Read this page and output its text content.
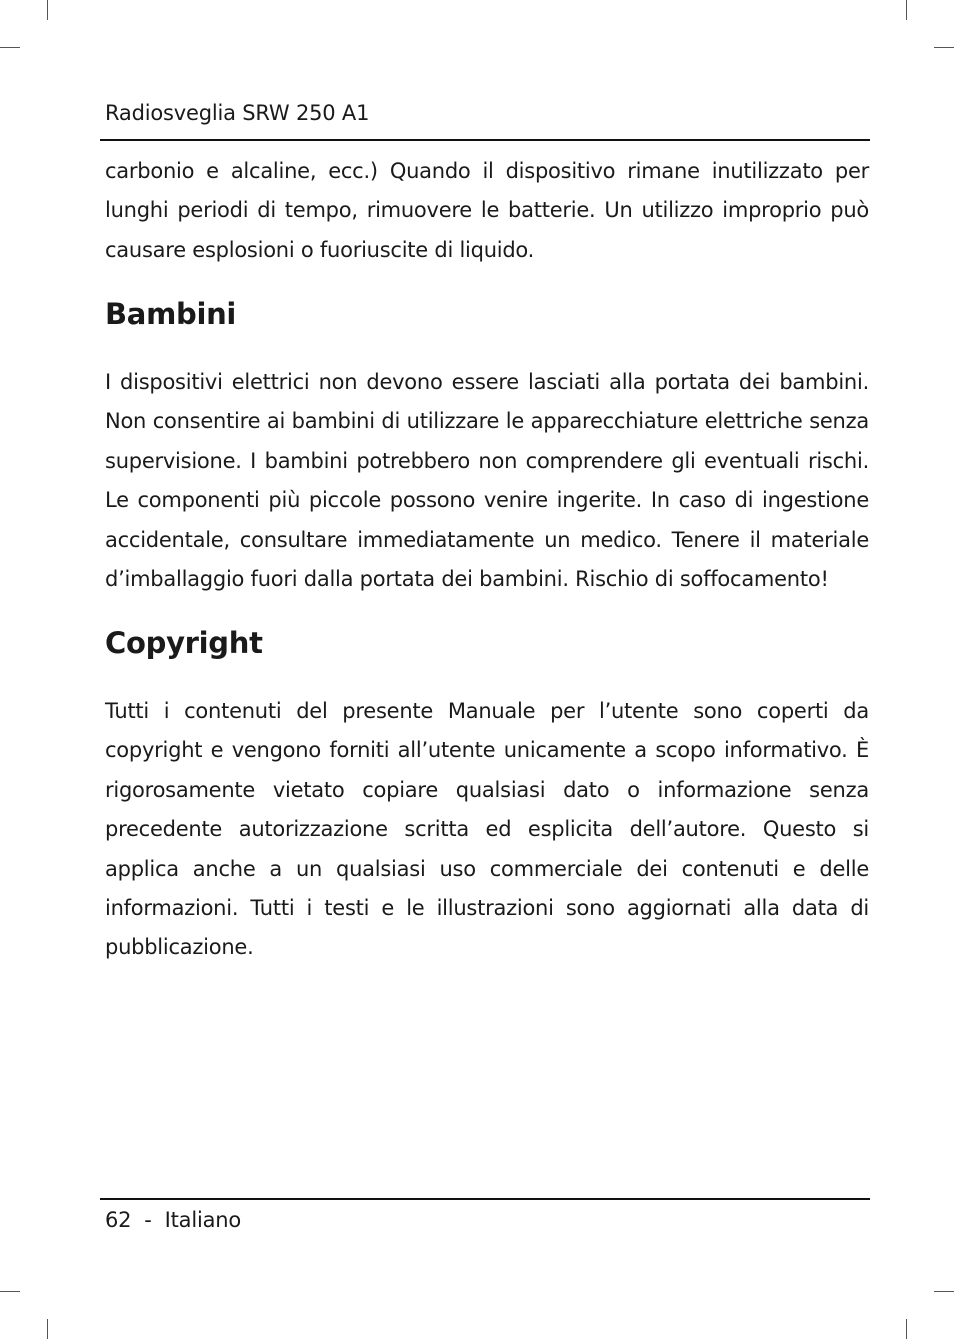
Radiosveglia SRW 250 A1

carbonio e alcaline, ecc.) Quando il dispositivo rimane inutilizzato per lunghi periodi di tempo, rimuovere le batterie. Un utilizzo improprio può causare esplosioni o fuoriuscite di liquido.

Bambini

I dispositivi elettrici non devono essere lasciati alla portata dei bambini. Non consentire ai bambini di utilizzare le apparecchiature elettriche senza supervisione. I bambini potrebbero non comprendere gli eventuali rischi. Le componenti più piccole possono venire ingerite. In caso di ingestione accidentale, consultare immediatamente un medico. Tenere il materiale d’imballaggio fuori dalla portata dei bambini. Rischio di soffocamento!

Copyright

Tutti i contenuti del presente Manuale per l’utente sono coperti da copyright e vengono forniti all’utente unicamente a scopo informativo. È rigorosamente vietato copiare qualsiasi dato o informazione senza precedente autorizzazione scritta ed esplicita dell’autore. Questo si applica anche a un qualsiasi uso commerciale dei contenuti e delle informazioni. Tutti i testi e le illustrazioni sono aggiornati alla data di pubblicazione.

62 - Italiano
